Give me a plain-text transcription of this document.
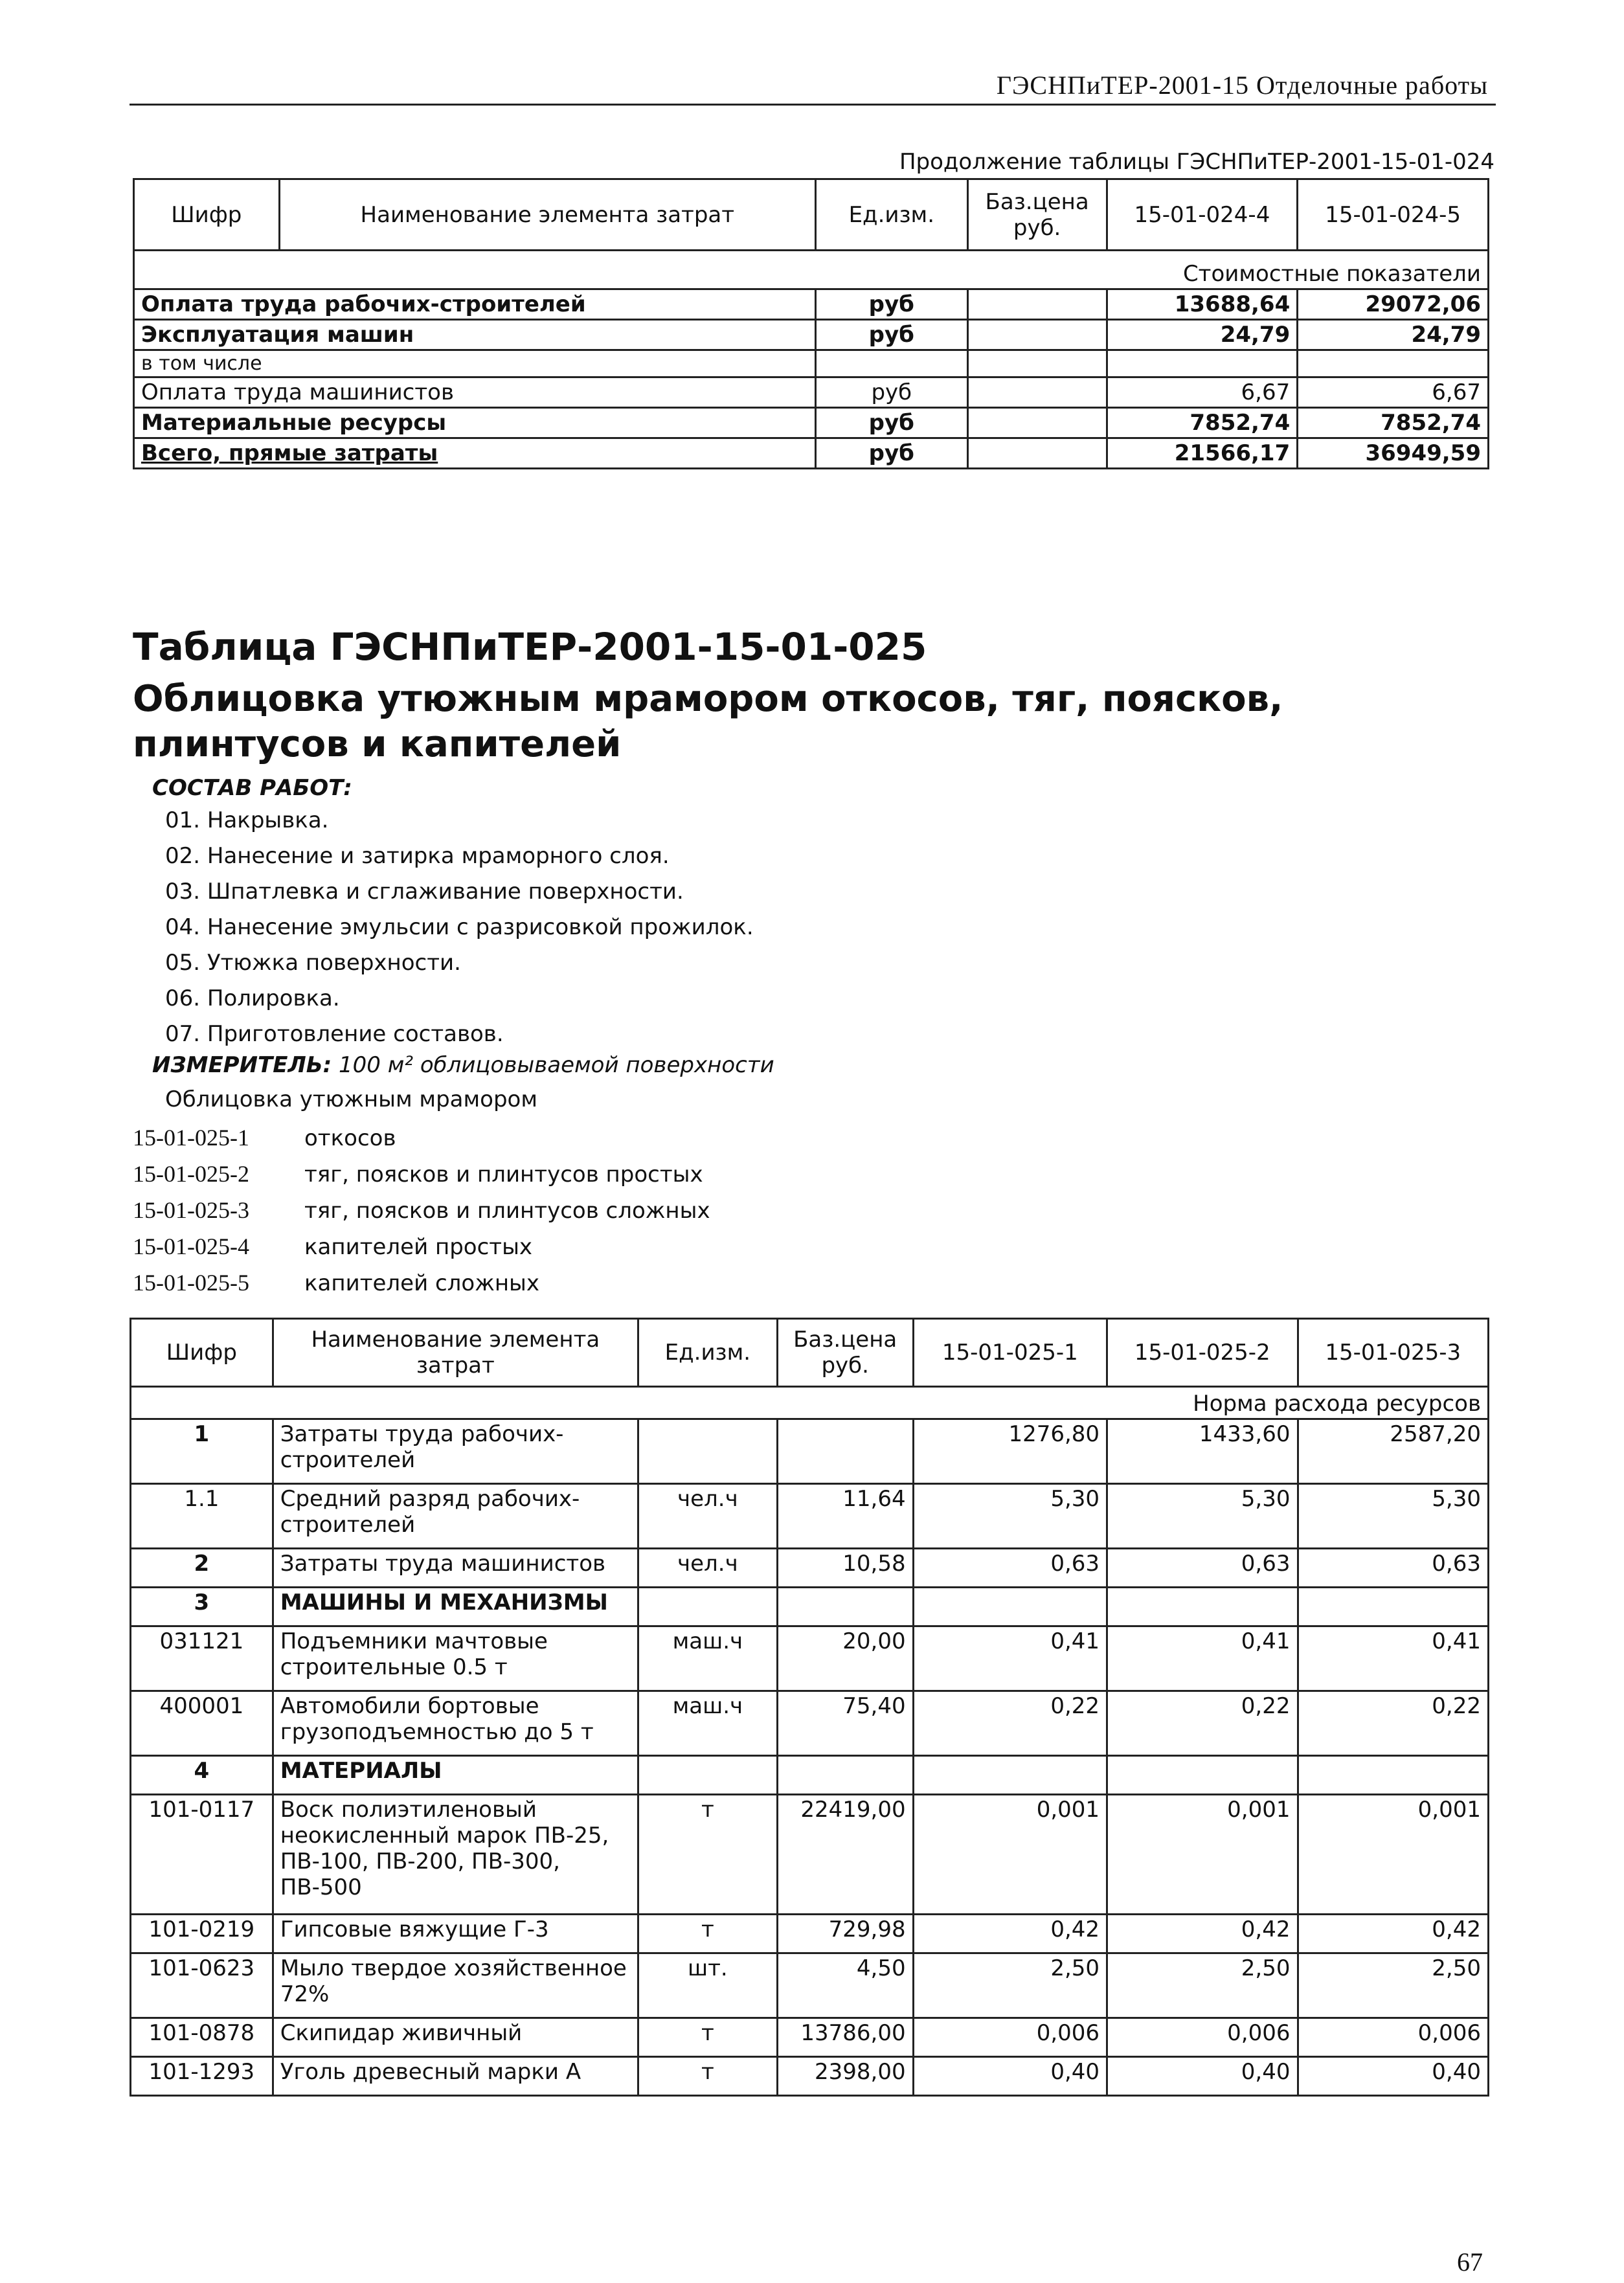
ГЭСНПиТЕР-2001-15 Отделочные работы
Продолжение таблицы ГЭСНПиТЕР-2001-15-01-024
Шифр	Наименование элемента затрат	Ед.изм.	Баз.цена руб.	15-01-024-4	15-01-024-5
Стоимостные показатели					
Оплата труда рабочих-строителей		руб		13688,64	29072,06
Эксплуатация машин		руб		24,79	24,79
в том числе					
Оплата труда машинистов		руб		6,67	6,67
Материальные ресурсы		руб		7852,74	7852,74
Всего, прямые затраты		руб		21566,17	36949,59
Таблица ГЭСНПиТЕР-2001-15-01-025
Облицовка утюжным мрамором откосов, тяг, поясков, плинтусов и капителей
СОСТАВ РАБОТ:
01. Накрывка.
02. Нанесение и затирка мраморного слоя.
03. Шпатлевка и сглаживание поверхности.
04. Нанесение эмульсии с разрисовкой прожилок.
05. Утюжка поверхности.
06. Полировка.
07. Приготовление составов.
ИЗМЕРИТЕЛЬ: 100 м² облицовываемой поверхности
Облицовка утюжным мрамором
15-01-025-1	откосов
15-01-025-2	тяг, поясков и плинтусов простых
15-01-025-3	тяг, поясков и плинтусов сложных
15-01-025-4	капителей простых
15-01-025-5	капителей сложных
Шифр	Наименование элемента затрат	Ед.изм.	Баз.цена руб.	15-01-025-1	15-01-025-2	15-01-025-3
Норма расхода ресурсов						
1	Затраты труда рабочих-строителей			1276,80	1433,60	2587,20
1.1	Средний разряд рабочих-строителей	чел.ч	11,64	5,30	5,30	5,30
2	Затраты труда машинистов	чел.ч	10,58	0,63	0,63	0,63
3	МАШИНЫ И МЕХАНИЗМЫ					
031121	Подъемники мачтовые строительные 0.5 т	маш.ч	20,00	0,41	0,41	0,41
400001	Автомобили бортовые грузоподъемностью до 5 т	маш.ч	75,40	0,22	0,22	0,22
4	МАТЕРИАЛЫ					
101-0117	Воск полиэтиленовый неокисленный марок ПВ-25, ПВ-100, ПВ-200, ПВ-300, ПВ-500	т	22419,00	0,001	0,001	0,001
101-0219	Гипсовые вяжущие Г-3	т	729,98	0,42	0,42	0,42
101-0623	Мыло твердое хозяйственное 72%	шт.	4,50	2,50	2,50	2,50
101-0878	Скипидар живичный	т	13786,00	0,006	0,006	0,006
101-1293	Уголь древесный марки А	т	2398,00	0,40	0,40	0,40
67
